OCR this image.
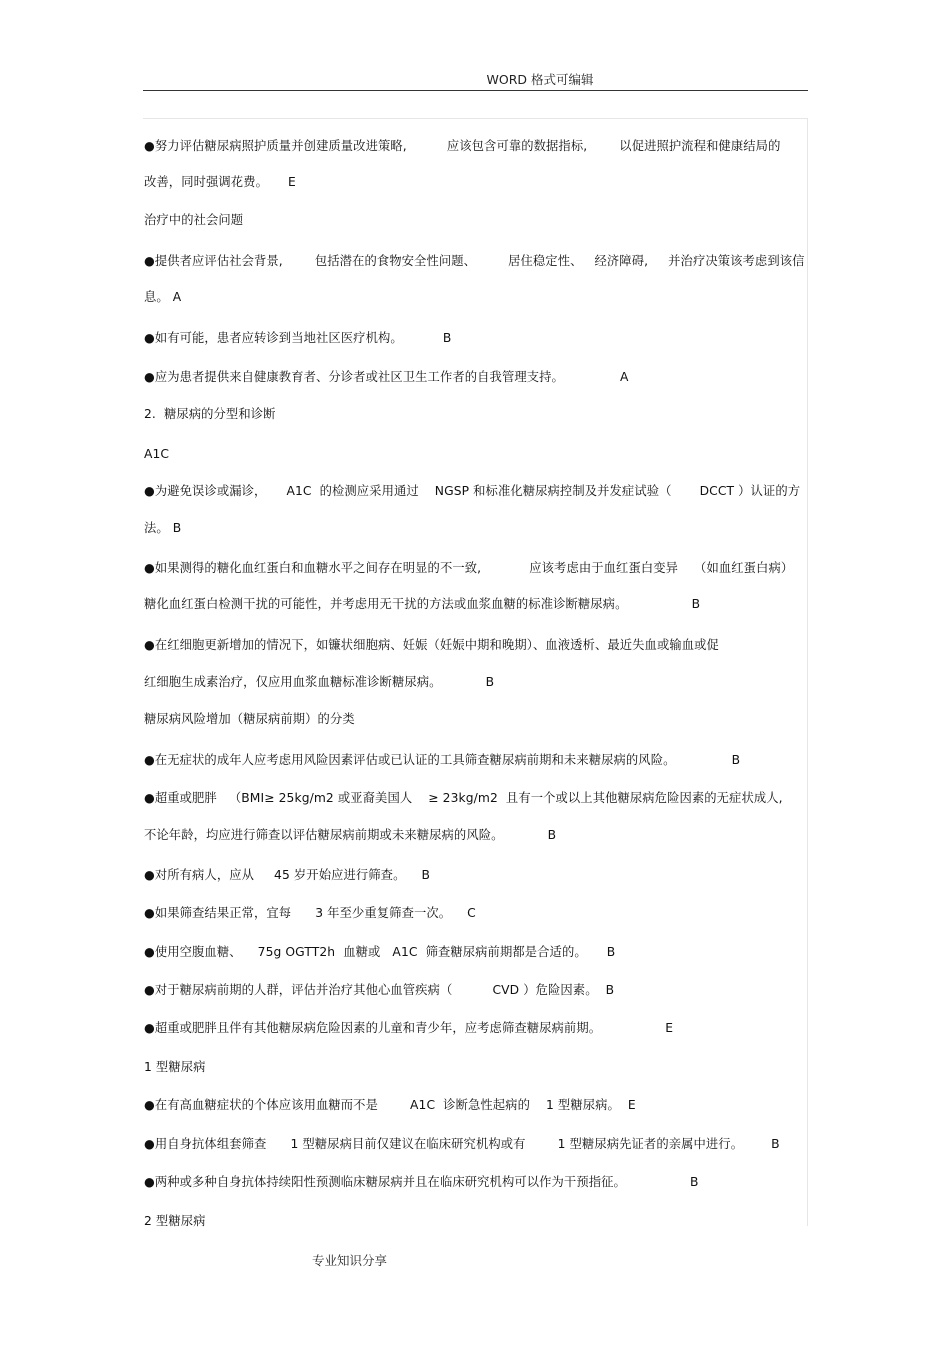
WORD 格式可编辑
●努力评估糖尿病照护质量并创建质量改进策略,          应该包含可靠的数据指标,        以促进照护流程和健康结局的
改善，同时强调花费。     E
治疗中的社会问题
●提供者应评估社会背景,        包括潜在的食物安全性问题、        居住稳定性、   经济障碍,     并治疗决策该考虑到该信
息。 A
●如有可能，患者应转诊到当地社区医疗机构。          B
●应为患者提供来自健康教育者、分诊者或社区卫生工作者的自我管理支持。              A
2.  糖尿病的分型和诊断
A1C
●为避免误诊或漏诊，     A1C  的检测应采用通过    NGSP 和标准化糖尿病控制及并发症试验（       DCCT ）认证的方
法。 B
●如果测得的糖化血红蛋白和血糖水平之间存在明显的不一致,            应该考虑由于血红蛋白变异    （如血红蛋白病）
糖化血红蛋白检测干扰的可能性，并考虑用无干扰的方法或血浆血糖的标准诊断糖尿病。                B
●在红细胞更新增加的情况下，如镰状细胞病、妊娠（妊娠中期和晚期）、血液透析、最近失血或输血或促
红细胞生成素治疗，仅应用血浆血糖标准诊断糖尿病。           B
糖尿病风险增加（糖尿病前期）的分类
●在无症状的成年人应考虑用风险因素评估或已认证的工具筛查糖尿病前期和未来糖尿病的风险。              B
●超重或肥胖   （BMI≥ 25kg/m2 或亚裔美国人    ≥ 23kg/m2  且有一个或以上其他糖尿病危险因素的无症状成人,
不论年龄，均应进行筛查以评估糖尿病前期或未来糖尿病的风险。           B
●对所有病人，应从     45 岁开始应进行筛查。    B
●如果筛查结果正常，宜每      3 年至少重复筛查一次。    C
●使用空腹血糖、    75g OGTT2h  血糖或   A1C  筛查糖尿病前期都是合适的。     B
●对于糖尿病前期的人群，评估并治疗其他心血管疾病（          CVD ）危险因素。  B
●超重或肥胖且伴有其他糖尿病危险因素的儿童和青少年，应考虑筛查糖尿病前期。                E
1 型糖尿病
●在有高血糖症状的个体应该用血糖而不是        A1C  诊断急性起病的    1 型糖尿病。  E
●用自身抗体组套筛查      1 型糖尿病目前仅建议在临床研究机构或有        1 型糖尿病先证者的亲属中进行。       B
●两种或多种自身抗体持续阳性预测临床糖尿病并且在临床研究机构可以作为干预指征。                B
2 型糖尿病
专业知识分享
